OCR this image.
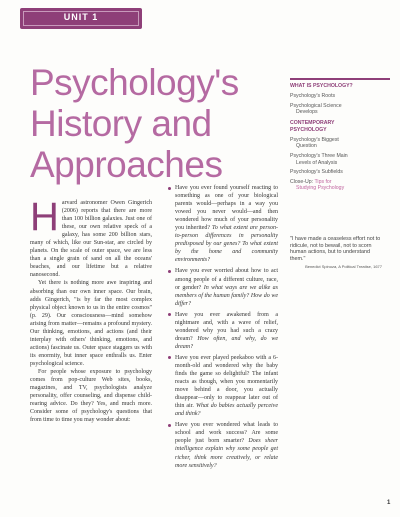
UNIT 1
Psychology's
History and
Approaches
WHAT IS PSYCHOLOGY?
Psychology's Roots
Psychological Science
Develops
CONTEMPORARY
PSYCHOLOGY
Psychology's Biggest
Question
Psychology's Three Main
Levels of Analysis
Psychology's Subfields
Close-Up: Tips for
Studying Psychology

Harvard astronomer Owen Gingerich (2006) reports that there are more than 100 billion galaxies. Just one of these, our own relative speck of a galaxy, has some 200 billion stars, many of which, like our Sun-star, are circled by planets. On the scale of outer space, we are less than a single grain of sand on all the oceans' beaches, and our lifetime but a relative nanosecond.

Yet there is nothing more awe inspiring and absorbing than our own inner space. Our brain, adds Gingerich, "is by far the most complex physical object known to us in the entire cosmos" (p. 29). Our consciousness—mind somehow arising from matter—remains a profound mystery. Our thinking, emotions, and actions (and their interplay with others' thinking, emotions, and actions) fascinate us. Outer space staggers us with its enormity, but inner space enthralls us. Enter psychological science.

For people whose exposure to psychology comes from pop-culture Web sites, books, magazines, and TV, psychologists analyze personality, offer counseling, and dispense child-rearing advice. Do they? Yes, and much more. Consider some of psychology's questions that from time to time you may wonder about:

Have you ever found yourself reacting to something as one of your biological parents would—perhaps in a way you vowed you never would—and then wondered how much of your personality you inherited? To what extent are person-to-person differences in personality predisposed by our genes? To what extent by the home and community environments?
Have you ever worried about how to act among people of a different culture, race, or gender? In what ways are we alike as members of the human family? How do we differ?
Have you ever awakened from a nightmare and, with a wave of relief, wondered why you had such a crazy dream? How often, and why, do we dream?
Have you ever played peekaboo with a 6-month-old and wondered why the baby finds the game so delightful? The infant reacts as though, when you momentarily move behind a door, you actually disappear—only to reappear later out of thin air. What do babies actually perceive and think?
Have you ever wondered what leads to school and work success? Are some people just born smarter? Does sheer intelligence explain why some people get richer, think more creatively, or relate more sensitively?
"I have made a ceaseless effort not to ridicule, not to bewail, not to scorn human actions, but to understand them."
Benedict Spinoza, A Political Treatise, 1677
1
